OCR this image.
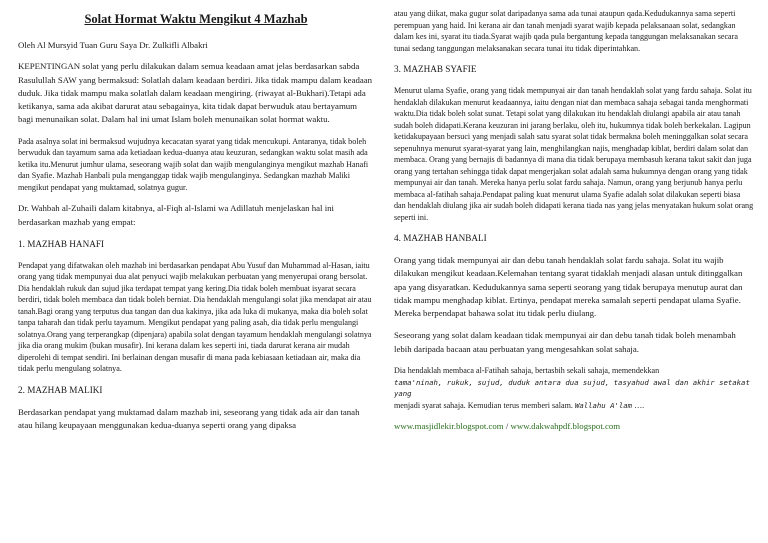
Solat Hormat Waktu Mengikut 4 Mazhab

Oleh Al Mursyid Tuan Guru Saya Dr. Zulkifli Albakri

KEPENTINGAN solat yang perlu dilakukan dalam semua keadaan amat jelas berdasarkan sabda Rasulullah SAW yang bermaksud: Solatlah dalam keadaan berdiri. Jika tidak mampu dalam keadaan duduk. Jika tidak mampu maka solatlah dalam keadaan mengiring. (riwayat al-Bukhari).Tetapi ada ketikanya, sama ada akibat darurat atau sebagainya, kita tidak dapat berwuduk atau bertayamum bagi menunaikan solat. Dalam hal ini umat Islam boleh menunaikan solat hormat waktu.

Pada asalnya solat ini bermaksud wujudnya kecacatan syarat yang tidak mencukupi. Antaranya, tidak boleh berwuduk dan tayamum sama ada ketiadaan kedua-duanya atau keuzuran, sedangkan waktu solat masih ada ketika itu.Menurut jumhur ulama, seseorang wajib solat dan wajib mengulanginya mengikut mazhab Hanafi dan Syafie. Mazhab Hanbali pula menganggap tidak wajib mengulanginya. Sedangkan mazhab Maliki mengikut pendapat yang muktamad, solatnya gugur.

Dr. Wahbah al-Zuhaili dalam kitabnya, al-Fiqh al-Islami wa Adillatuh menjelaskan hal ini berdasarkan mazhab yang empat:

1. MAZHAB HANAFI

Pendapat yang difatwakan oleh mazhab ini berdasarkan pendapat Abu Yusuf dan Muhammad al-Hasan, iaitu orang yang tidak mempunyai dua alat penyuci wajib melakukan perbuatan yang menyerupai orang bersolat. Dia hendaklah rukuk dan sujud jika terdapat tempat yang kering.Dia tidak boleh membuat isyarat secara berdiri, tidak boleh membaca dan tidak boleh berniat. Dia hendaklah mengulangi solat jika mendapat air atau tanah.Bagi orang yang terputus dua tangan dan dua kakinya, jika ada luka di mukanya, maka dia boleh solat tanpa taharah dan tidak perlu tayamum. Mengikut pendapat yang paling asah, dia tidak perlu mengulangi solatnya.Orang yang terperangkap (dipenjara) apabila solat dengan tayamum hendaklah mengulangi solatnya jika dia orang mukim (bukan musafir). Ini kerana dalam kes seperti ini, tiada darurat kerana air mudah diperolehi di tempat sendiri. Ini berlainan dengan musafir di mana pada kebiasaan ketiadaan air, maka dia tidak perlu mengulang solatnya.

2. MAZHAB MALIKI

Berdasarkan pendapat yang muktamad dalam mazhab ini, seseorang yang tidak ada air dan tanah atau hilang keupayaan menggunakan kedua-duanya seperti orang yang dipaksa

atau yang diikat, maka gugur solat daripadanya sama ada tunai ataupun qada.Kedudukannya sama seperti perempuan yang haid. Ini kerana air dan tanah menjadi syarat wajib kepada pelaksanaan solat, sedangkan dalam kes ini, syarat itu tiada.Syarat wajib qada pula bergantung kepada tanggungan melaksanakan secara tunai sedang tanggungan melaksanakan secara tunai itu tidak diperintahkan.

3. MAZHAB SYAFIE

Menurut ulama Syafie, orang yang tidak mempunyai air dan tanah hendaklah solat yang fardu sahaja. Solat itu hendaklah dilakukan menurut keadaannya, iaitu dengan niat dan membaca sahaja sebagai tanda menghormati waktu.Dia tidak boleh solat sunat. Tetapi solat yang dilakukan itu hendaklah diulangi apabila air atau tanah sudah boleh didapati.Kerana keuzuran ini jarang berlaku, oleh itu, hukumnya tidak boleh berkekalan. Lagipun ketidakupayaan bersuci yang menjadi salah satu syarat solat tidak bermakna boleh meninggalkan solat secara sepenuhnya menurut syarat-syarat yang lain, menghilangkan najis, menghadap kiblat, berdiri dalam solat dan membaca. Orang yang bernajis di badannya di mana dia tidak berupaya membasuh kerana takut sakit dan juga orang yang tertahan sehingga tidak dapat mengerjakan solat adalah sama hukumnya dengan orang yang tidak mempunyai air dan tanah. Mereka hanya perlu solat fardu sahaja. Namun, orang yang berjunub hanya perlu membaca al-fatihah sahaja.Pendapat paling kuat menurut ulama Syafie adalah solat dilakukan seperti biasa dan hendaklah diulang jika air sudah boleh didapati kerana tiada nas yang jelas menyatakan hukum solat orang seperti ini.

4. MAZHAB HANBALI

Orang yang tidak mempunyai air dan debu tanah hendaklah solat fardu sahaja. Solat itu wajib dilakukan mengikut keadaan.Kelemahan tentang syarat tidaklah menjadi alasan untuk ditinggalkan apa yang disyaratkan. Kedudukannya sama seperti seorang yang tidak berupaya menutup aurat dan tidak mampu menghadap kiblat. Ertinya, pendapat mereka samalah seperti pendapat ulama Syafie. Mereka berpendapat bahawa solat itu tidak perlu diulang.

Seseorang yang solat dalam keadaan tidak mempunyai air dan debu tanah tidak boleh menambah lebih daripada bacaan atau perbuatan yang mengesahkan solat sahaja.

Dia hendaklah membaca al-Fatihah sahaja, bertasbih sekali sahaja, memendekkan
tama'ninah, rukuk, sujud, duduk antara dua sujud, tasyahud awal dan akhir setakat yang
menjadi syarat sahaja. Kemudian terus memberi salam. Wallahu A'lam ….

www.masjidlekir.blogspot.com / www.dakwahpdf.blogspot.com
